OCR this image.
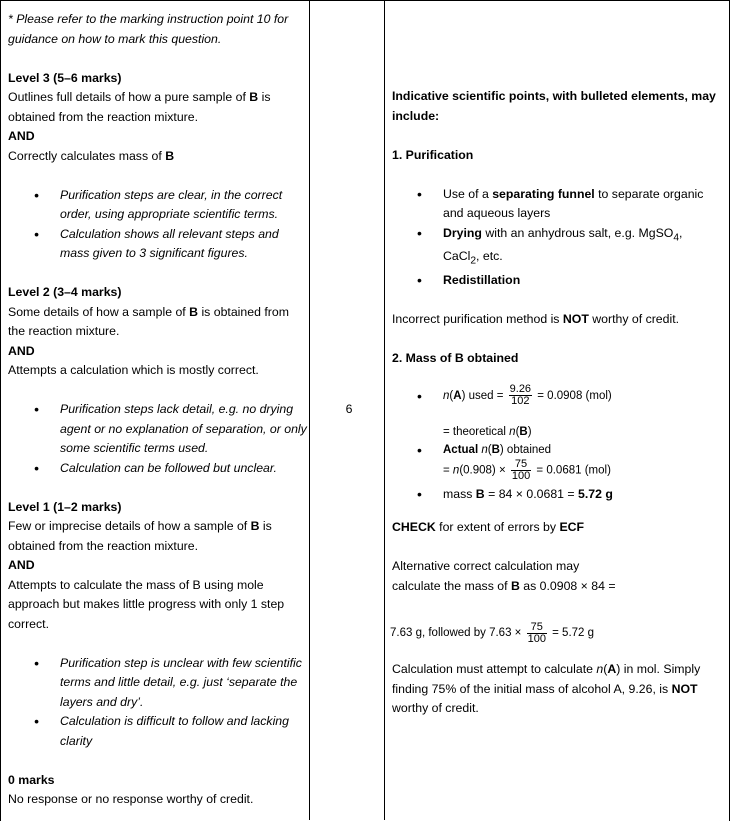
* Please refer to the marking instruction point 10 for guidance on how to mark this question.

Level 3 (5–6 marks)

Outlines full details of how a pure sample of B is obtained from the reaction mixture.

AND

Correctly calculates mass of B

• Purification steps are clear, in the correct order, using appropriate scientific terms.
• Calculation shows all relevant steps and mass given to 3 significant figures.

Level 2 (3–4 marks)

Some details of how a sample of B is obtained from the reaction mixture.

AND

Attempts a calculation which is mostly correct.

• Purification steps lack detail, e.g. no drying agent or no explanation of separation, or only some scientific terms used.
• Calculation can be followed but unclear.

Level 1 (1–2 marks)

Few or imprecise details of how a sample of B is obtained from the reaction mixture.

AND

Attempts to calculate the mass of B using mole approach but makes little progress with only 1 step correct.

• Purification step is unclear with few scientific terms and little detail, e.g. just ‘separate the layers and dry’.
• Calculation is difficult to follow and lacking clarity

0 marks

No response or no response worthy of credit.

6

Indicative scientific points, with bulleted elements, may include:

1. Purification

• Use of a separating funnel to separate organic and aqueous layers
• Drying with an anhydrous salt, e.g. MgSO$_4$, CaCl$_2$, etc.
• Redistillation

Incorrect purification method is NOT worthy of credit.

2. Mass of B obtained

• n(A) used = $\frac{9.26}{102} = 0.0908$ (mol)

= theoretical n(B)

• Actual n(B) obtained

= $n(0.908) \times \frac{75}{100} = 0.0681$ (mol)

• mass B = 84 × 0.0681 = 5.72 g

CHECK for extent of errors by ECF

Alternative correct calculation may

calculate the mass of B as 0.0908 × 84 =

7.63 g, followed by $7.63 \times \frac{75}{100} = 5.72$ g

Calculation must attempt to calculate n(A) in mol. Simply finding 75% of the initial mass of alcohol A, 9.26, is NOT worthy of credit.
